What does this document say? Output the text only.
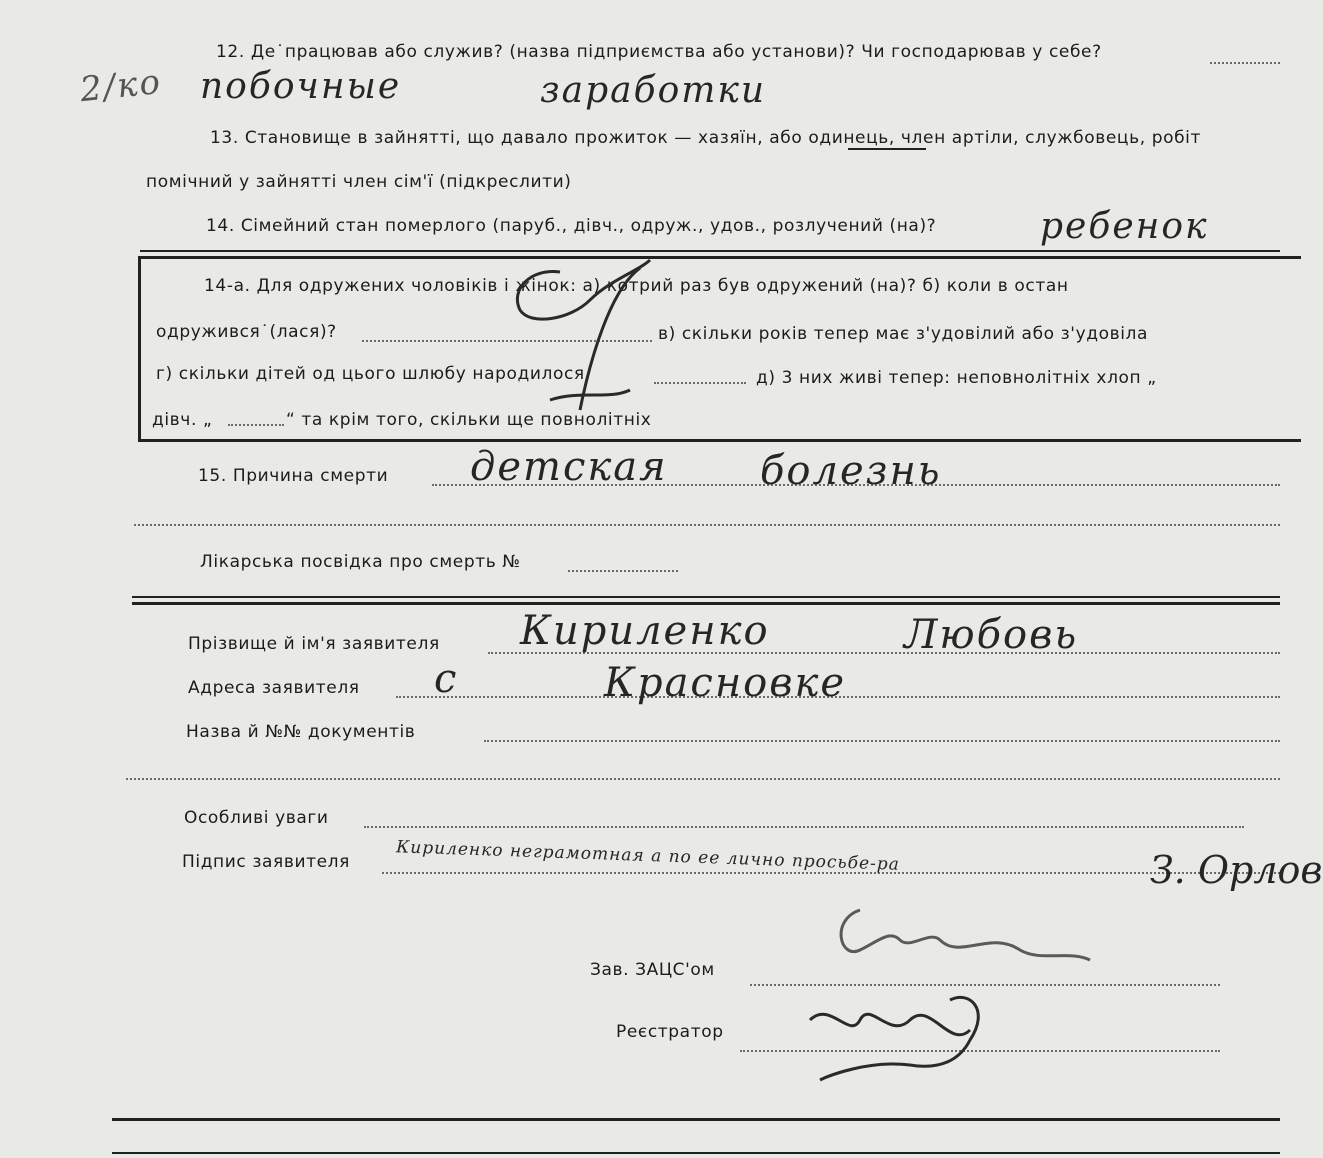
12. Де˙працював або служив? (назва підприємства або установи)? Чи господарював у себе?
2/ко побочные	заработки
13. Становище в зайнятті, що давало прожиток — хазяїн, або одинець, член артіли, службовець, робіт
помічний у зайнятті член сім'ї (підкреслити)
14. Сімейний стан померлого (паруб., дівч., одруж., удов., розлучений (на)?	ребенок
14-а. Для одружених чоловіків і жінок: а) котрий раз був одружений (на)? б) коли в остан
одружився˙(лася)?	в) скільки років тепер має з'удовілий або з'удовіла
г) скільки дітей од цього шлюбу народилося	д) 3 них живі тепер: неповнолітніх хлоп „
дівч. „	“ та крім того, скільки ще повнолітніх
15. Причина смерти детская болезнь
Лікарська посвідка про смерть №
Прізвище й ім'я заявителя Кириленко	Любовь
Адреса заявителя с	Красновке
Назва й №№ документів
Особливі уваги
Підпис заявителя	Кириленко неграмотная а по ее лично просьбе-ра	З. Орлов
Зав. ЗАЦС'ом
Реєстратор
